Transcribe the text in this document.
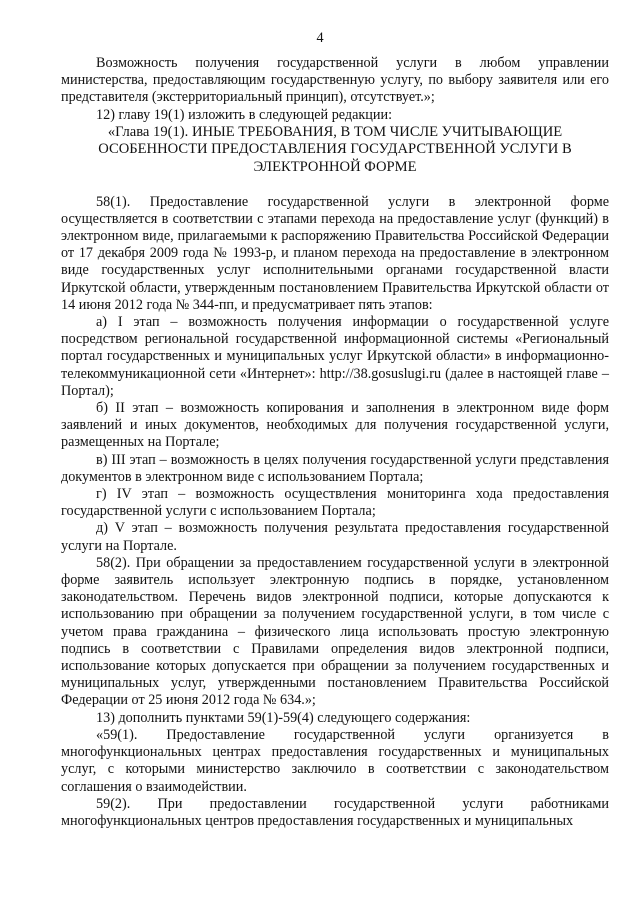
4

Возможность получения государственной услуги в любом управлении министерства, предоставляющим государственную услугу, по выбору заявителя или его представителя (экстерриториальный принцип), отсутствует.»;

12) главу 19(1) изложить в следующей редакции:

«Глава 19(1). ИНЫЕ ТРЕБОВАНИЯ, В ТОМ ЧИСЛЕ УЧИТЫВАЮЩИЕ

ОСОБЕННОСТИ ПРЕДОСТАВЛЕНИЯ ГОСУДАРСТВЕННОЙ УСЛУГИ В

ЭЛЕКТРОННОЙ ФОРМЕ

58(1). Предоставление государственной услуги в электронной форме осуществляется в соответствии с этапами перехода на предоставление услуг (функций) в электронном виде, прилагаемыми к распоряжению Правительства Российской Федерации от 17 декабря 2009 года № 1993-р, и планом перехода на предоставление в электронном виде государственных услуг исполнительными органами государственной власти Иркутской области, утвержденным постановлением Правительства Иркутской области от 14 июня 2012 года № 344-пп, и предусматривает пять этапов:

а) I этап – возможность получения информации о государственной услуге посредством региональной государственной информационной системы «Региональный портал государственных и муниципальных услуг Иркутской области» в информационно-телекоммуникационной сети «Интернет»: http://38.gosuslugi.ru (далее в настоящей главе – Портал);

б) II этап – возможность копирования и заполнения в электронном виде форм заявлений и иных документов, необходимых для получения государственной услуги, размещенных на Портале;

в) III этап – возможность в целях получения государственной услуги представления документов в электронном виде с использованием Портала;

г) IV этап – возможность осуществления мониторинга хода предоставления государственной услуги с использованием Портала;

д) V этап – возможность получения результата предоставления государственной услуги на Портале.

58(2). При обращении за предоставлением государственной услуги в электронной форме заявитель использует электронную подпись в порядке, установленном законодательством. Перечень видов электронной подписи, которые допускаются к использованию при обращении за получением государственной услуги, в том числе с учетом права гражданина – физического лица использовать простую электронную подпись в соответствии с Правилами определения видов электронной подписи, использование которых допускается при обращении за получением государственных и муниципальных услуг, утвержденными постановлением Правительства Российской Федерации от 25 июня 2012 года № 634.»;

13) дополнить пунктами 59(1)-59(4) следующего содержания:

«59(1). Предоставление государственной услуги организуется в многофункциональных центрах предоставления государственных и муниципальных услуг, с которыми министерство заключило в соответствии с законодательством соглашения о взаимодействии.

59(2). При предоставлении государственной услуги работниками многофункциональных центров предоставления государственных и муниципальных
